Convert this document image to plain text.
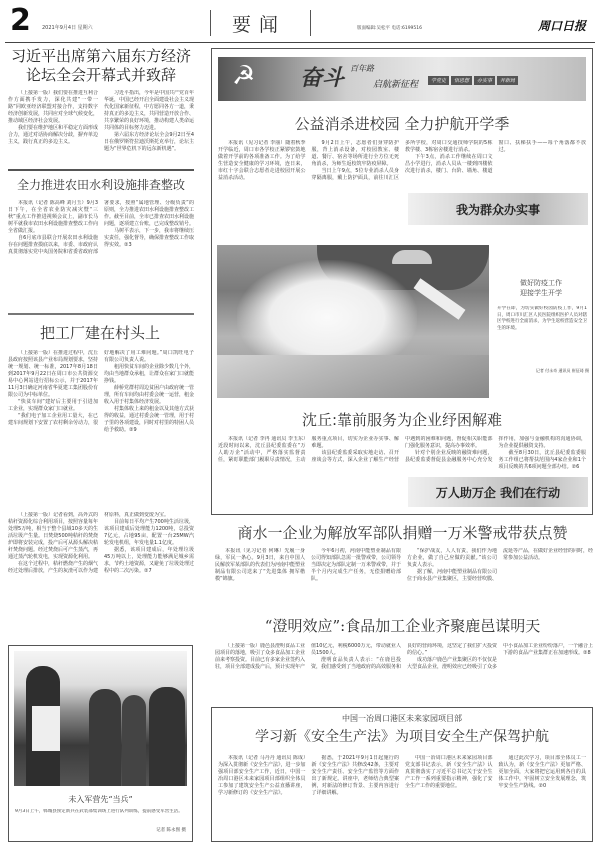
2 2021年9月4日 星期六	要闻	版面编辑:吴松平 电话:6199516	周口日报
习近平出席第六届东方经济
论坛全会开幕式并致辞

（上接第一版）我们要在推进互利合作方面携手发力，深化共建“一带一路”同欧亚经济联盟对接合作，支持数字经济创新发展，共同应对全球气候变化，推动域区经济社会发展。

我们要在维护地区和平稳定方面形成合力，通过对话协商解决分歧，摒弃单边主义，践行真正的多边主义。

习近平指出，今年是中国共产党百年华诞，中国已经开启全面建设社会主义现代化国家新征程，中方愿同各方一道，秉持真正的多边主义，共同营造开放合作、共享繁荣的良好环境，推动构建人类命运共同体的目标努力迈进。

第六届东方经济论坛全会9月2日至4日在俄罗斯符拉迪沃斯托克举行，论坛主题为“世界危机下的远东新机遇”。

全力推进农田水利设施排查整改

本报讯（记者 陈高峰 刘月玉）9月3日下午，在全省农业防灾减灾暨“三秋”重点工作推进视频会议上，副市长马树平就我市农田水利设施排查整改工作向全省做汇报。

自6月底市县联合开展农田水利设施存在问题排查摸底以来，市委、市政府认真贯彻落实党中央国务院和省委省政府部署要求，按照“属地管理、分级负责”的原则，全力推进农田水利设施排查整改工作。截至目前，全市已排查农田水利设施问题，逐项建立台账，已完成整改销号。

马树平表示，下一步，我市将继续压实责任，强化督导，确保排查整改工作取得实效。②3

把工厂建在村头上

（上接第一版）在推进过程中，沈丘县政府按照该县产业布局规划要求，坚持统一规划、统一标准，2017年8月18日到2017年9月22日在周口市公共资源交易中心网站进行招标公示，并于2017年11月3日确定河南省华夏建工集团股份有限公司为中标单位。

“快贫车间”建好后主要用于引进加工企业，实现群众家门口就业。

“我们电子加工企业用工量大，在已建车间规划下安置了农村剩余劳动力，很好地解决了用工难问题。”周口凯旺电子有限公司负责人说。

租用快贫车间的企业除少数几个外，均由当地群众承租，让群众在家门口就能挣钱。

薛桥党群村周边贫困户由政府统一管理，所有车间均由村委会统一运营，租金收入用于村集体经济发展。

村集体收上来的租金以及其他方式获得的收益，通过村委会统一管理，用于村子里的各项建设，同时对村里的特困人员给予救助。②9

（上接第一版）记者看到，高外式的秸秆资源化综合利用项目，按照容量每年处理5万吨，相当于整个县域10多天的生活垃圾产生量。日焚烧500吨秸秆的焚烧炉即将安装完成，投产后可从源头解决秸秆焚烧问题。经过焚烧后可产生蒸汽，再通过蒸汽轮机发电，实现资源化利用。

在这个过程中，秸秆燃烧产生的烟气经过处理后排放，产生的灰渣可以作为建材原料，真正做到变废为宝。

目前每日平均产生700吨生活垃圾，该项目建成后处理能力1200吨，总投资7亿元，占地95亩，配置一台25MW汽轮发电机组，年发电量1.1亿度。

据悉，该项目建成后，年处理垃圾45万吨以上，处理能力能够满足城乡需求，节约土地资源，又避免了垃圾处理过程中的二次污染。②7

未入军营先“当兵”
9月3日上午，郸城县预定新兵在武装部集训场上进行队列训练，提前感受军营生活。
记者 陈永图 摄
☭ 奋斗 百年路
启航新征程	学党史	悟思想	办实事	开新局
公益消杀进校园 全力护航开学季

本报讯（见习记者 李丽）随着秋季开学临近，周口市各学校正紧锣密鼓地做着开学前的各项准备工作。为了给学生营造安全健康的学习环境，连日来，市红十字会联合志愿者走进校园开展公益消杀活动。

9月2日上午，志愿者们身穿防护服，背上消杀设备，对校园教室、楼道、餐厅、宿舍等场所进行全方位无死角消杀，为师生返校筑牢防疫屏障。

当日上午9点，5位专业消杀人员身穿隔离服，戴上防护面具，前往川汇区多所学校，对周口交通技师学院的5栋教学楼、3栋宿舍楼进行消杀。

下午3点，消杀工作继续在周口文昌小学进行，消杀人员从一楼到四楼依次进行消杀，楼门、台阶、墙角、楼道窗口、扶梯扶手——每个角落都不放过。

我为群众办实事
做好防疫工作
迎接学生开学
开学在即，为切实做好校园防疫工作，9月1日，周口市川汇区人民医院组织医护人员对辖区学校进行全面消杀，为学生返校营造安全卫生的环境。
记者 付永奇 通讯员 崔征琦 摄
沈丘:靠前服务为企业纾困解难

本报讯（记者 李冉 通讯员 李玉东）近段时间以来，沈丘县纪委监委在“万人助万企”活动中，严格落实监督责任，紧盯职能部门履职尽责情况，主动服务重点项目，切实为企业办实事、解难题。

该县纪委监委采取实地走访、召开座谈会等方式，深入企业了解生产经营中遇到的困难和问题，督促相关职能部门强化服务意识，提高办事效率。

针对个别企业反映的融资难问题，县纪委监委督促县金融服务中心充分发挥作用，加强与金融机构的沟通协调，为企业提供融资支持。

截至8月30日，沈丘县纪委监委服务工作组已将帮扶范围内4家企业和1个项目反映的共6项问题全部办结。②6

万人助万企 我们在行动
商水一企业为解放军部队捐赠一万米警戒带获点赞

本报讯（见习记者 何琳）先履一身绿，军民一条心。9月3日，来自中国人民解放军某部队的代表们为河南中能塑业制品有限公司送来了“先进集体 拥军楷模”锦旗。

今年6月初，河南中能塑业制品有限公司得知部队急需一批警戒带，公司领导当即决定为部队定制一万米警戒带，并于半个月内完成生产任务，无偿捐赠给部队。

“保护战友，人人有责，我们作为地方企业，做了自己应做的贡献。”该公司负责人表示。

据了解，河南中能塑业制品有限公司位于商水县产业集聚区，主要经营吹膜、流延等产品，在做好企业经营的同时，经常参加公益活动。

“澄明效应”:食品加工企业齐聚鹿邑谋明天

（上接第一版）鹿邑县澄明食品工业园项目的落地，吸引了众多食品加工企业前来考察投资。目前已有多家企业签约入驻，项目全部建成投产后，预计实现年产值10亿元，利税6000万元，带动就业人员1500人。

澄明食品负责人表示：“在鹿邑投资，我们感受到了当地政府的高效服务和良好的营商环境，这坚定了我们扩大投资的信心。”

成功落户鹿邑产业集聚区的不仅仅是大型食品企业，澄明效应已经吸引了众多中小食品加工企业纷纷落户，一个融合上下游的食品产业集群正在加速形成。②8

中国一冶周口港区未来家园项目部
学习新《安全生产法》为项目安全生产保驾护航

本报讯（记者 马丹丹 通讯员 陈成）为深入贯彻新《安全生产法》，进一步加强项目部安全生产工作，近日，中国一冶周口港区未来家园项目部组织全体员工参加了建筑安全生产公益直播讲座，学习新修订的《安全生产法》。

据悉，于2021年9月1日起施行的新《安全生产法》共修改42条，主要对安全生产责任、安全生产监管等方面作出了新规定。讲座中，老师结合典型案例，对新法的修订背景、主要内容进行了详细讲解。

中国一冶周口港区未来家园项目部党支部书记表示，新《安全生产法》认真贯彻落实了习近平总书记关于安全生产工作一系列重要指示精神，强化了安全生产工作的重要地位。

通过此次学习，项目部全体员工一致认为，新《安全生产法》更加严格、更加全面，大家将把它运用到各自的具体工作中，牢固树立安全发展理念，筑牢安全生产防线。②0
